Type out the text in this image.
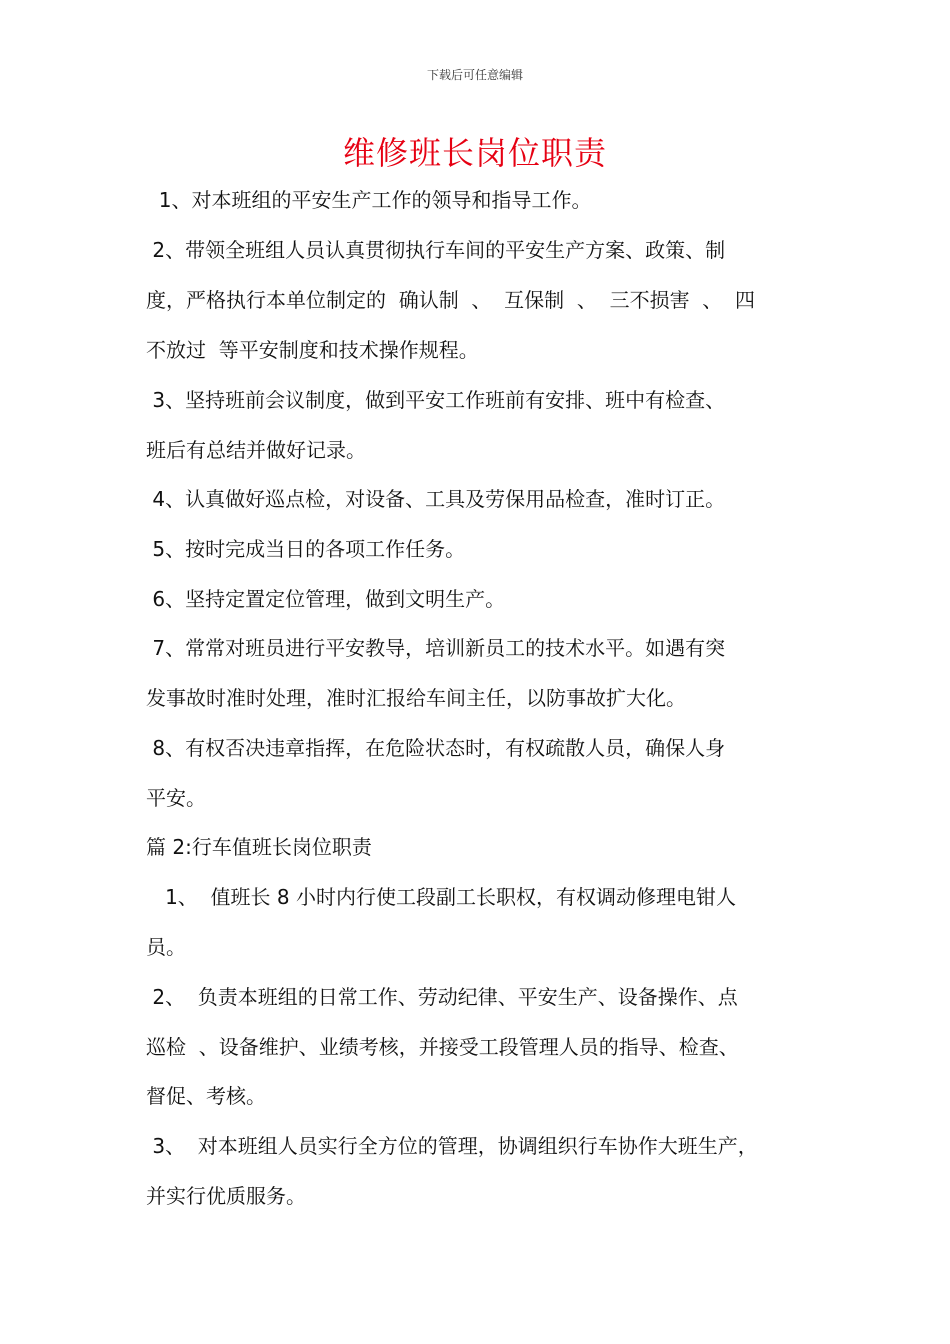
下载后可任意编辑
维修班长岗位职责
1、对本班组的平安生产工作的领导和指导工作。
2、带领全班组人员认真贯彻执行车间的平安生产方案、政策、制
度，严格执行本单位制定的  确认制  、  互保制  、  三不损害  、  四
不放过  等平安制度和技术操作规程。
3、坚持班前会议制度，做到平安工作班前有安排、班中有检查、
班后有总结并做好记录。
4、认真做好巡点检，对设备、工具及劳保用品检查，准时订正。
5、按时完成当日的各项工作任务。
6、坚持定置定位管理，做到文明生产。
7、常常对班员进行平安教导，培训新员工的技术水平。如遇有突
发事故时准时处理，准时汇报给车间主任，以防事故扩大化。
8、有权否决违章指挥，在危险状态时，有权疏散人员，确保人身
平安。
篇 2:行车值班长岗位职责
1、  值班长 8 小时内行使工段副工长职权，有权调动修理电钳人
员。
2、  负责本班组的日常工作、劳动纪律、平安生产、设备操作、点
巡检  、设备维护、业绩考核，并接受工段管理人员的指导、检查、
督促、考核。
3、  对本班组人员实行全方位的管理，协调组织行车协作大班生产，
并实行优质服务。
